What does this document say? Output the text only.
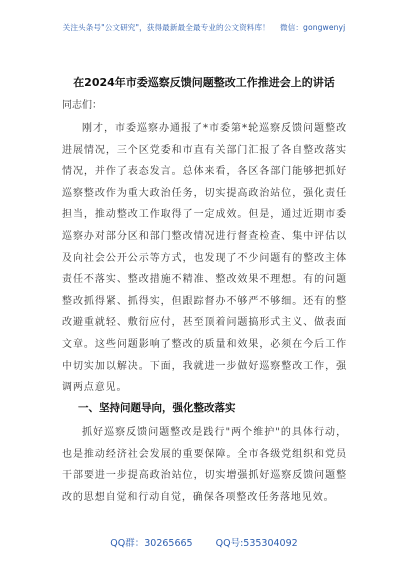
关注头条号"公文研究"，获得最新最全最专业的公文资料库！ 微信：gongwenyj
在2024年市委巡察反馈问题整改工作推进会上的讲话
同志们：

刚才，市委巡察办通报了*市委第*轮巡察反馈问题整改进展情况，三个区党委和市直有关部门汇报了各自整改落实情况，并作了表态发言。总体来看，各区各部门能够把抓好巡察整改作为重大政治任务，切实提高政治站位，强化责任担当，推动整改工作取得了一定成效。但是，通过近期市委巡察办对部分区和部门整改情况进行督查检查、集中评估以及向社会公开公示等方式，也发现了不少问题有的整改主体责任不落实、整改措施不精准、整改效果不理想。有的问题整改抓得紧、抓得实，但跟踪督办不够严不够细。还有的整改避重就轻、敷衍应付，甚至顶着问题搞形式主义、做表面文章。这些问题影响了整改的质量和效果，必须在今后工作中切实加以解决。下面，我就进一步做好巡察整改工作，强调两点意见。

一、坚持问题导向，强化整改落实

抓好巡察反馈问题整改是践行"两个维护"的具体行动，也是推动经济社会发展的重要保障。全市各级党组织和党员干部要进一步提高政治站位，切实增强抓好巡察反馈问题整改的思想自觉和行动自觉，确保各项整改任务落地见效。

QQ群：30265665 QQ号:535304092
